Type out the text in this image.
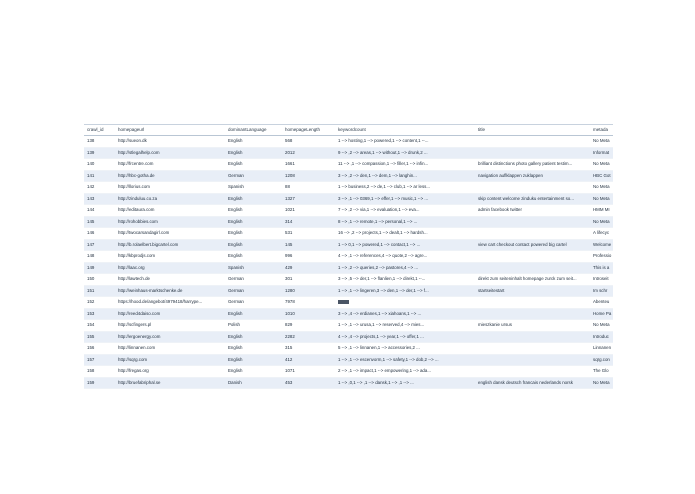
crawl_id	homepageurl	dominantLanguage	homepageLength	keywordcount	title	metada

138	http://sueon.dk	English	568	1 --> hosting,1 --> powered,1 --> content,1 --...		No Meta

139	http://stlegalhelp.com	English	2012	9 --> ,2 --> areas,1 --> without,1 --> drunk,2 ...		Informat

140	http://frcentre.com	English	1661	11 --> ,1 --> compassion,1 --> filler,1 --> infin...	brilliant distinctions photo gallery patient testim...	No Meta

141	http://hbc-gotha.de	German	1208	3 --> ,2 --> den,1 --> dem,1 --> langhin...	navigation auflklappen zuklappen	HBC Got

142	http://llorius.com	Spanish	88	1 --> business,2 --> de,1 --> club,1 --> ar less...		No Meta

143	http://zinduluu.co.za	English	1327	3 --> ,1 --> 0369,1 --> effer,1 --> music,1 --> ...	skip content welcome zinduku entertainment so...	No Meta

144	http://editaura.com	English	1021	7 --> ,2 --> via,1 --> evaluation,1 --> eva...	admin facebook twitter	HMM MI

145	http://rohobbies.com	English	314	8 --> ,1 --> remote,1 --> personal,1 --> ...		No Meta

146	http://twocarsandagirl.com	English	531	16 --> ,2 --> projects,1 --> dealt,1 --> hardsh...		A lifecyc

147	http://b.rolaelbert.bigcartel.com	English	145	1 --> 0,1 --> powered,1 --> contact,1 --> ...	view cart checkout contact powered big cartel	Welcome

148	http://kbprodjs.com	English	996	4 --> ,1 --> references,4 --> quote,2 --> agre...		Professio

149	http://laac.org	Spanish	429	1 --> ,2 --> queries,2 --> pastores,4 --> ...		This is a

150	http://lawtech.de	German	301	3 --> ,5 --> der,1 --> flanlien,1 --> direkt,1 --...	direkt zum seiteninhalt homepage zurck zum seit...	Introseit

151	http://weinhaus-marktschenke.de	German	1280	1 --> ,1 --> lingeren,3 --> den,1 --> der,1 --> f...	startseitestart	Im schr

152	https://hood.de/angebot/4979418/harrype...	German	7978	xxx		Abenteu

153	http://reed4daiso.com	English	1010	3 --> ,4 --> erdianes,1 --> xiahoans,1 --> ...		Home Pa

154	http://scfingers.pl	Polish	829	1 --> ,1 --> urusa,1 --> reserved,4 --> mies...	mieszkanie ursus	No Meta

155	http://ergoenergy.com	English	2282	4 --> ,4 --> projects,1 --> year,1 --> offer,1 ...		Introduc

156	http://linnanen.com	English	315	5 --> ,1 --> linnanen,1 --> accessories,2 ...		Linnanen

157	http://sqrg.com	English	412	1 --> ,1 --> escenvorm,1 --> safety,1 --> dob,2 --> ...		sqrg.con

158	http://fregas.org	English	1071	2 --> ,1 --> impact,1 --> empowering,1 --> ada...		The Glo

159	http://bruefabriphal.se	Danish	453	1 --> ,0,1 --> ,1 --> dansk,1 --> ,1 --> ...	english dansk deutsch francais nederlands norsk	No Meta
